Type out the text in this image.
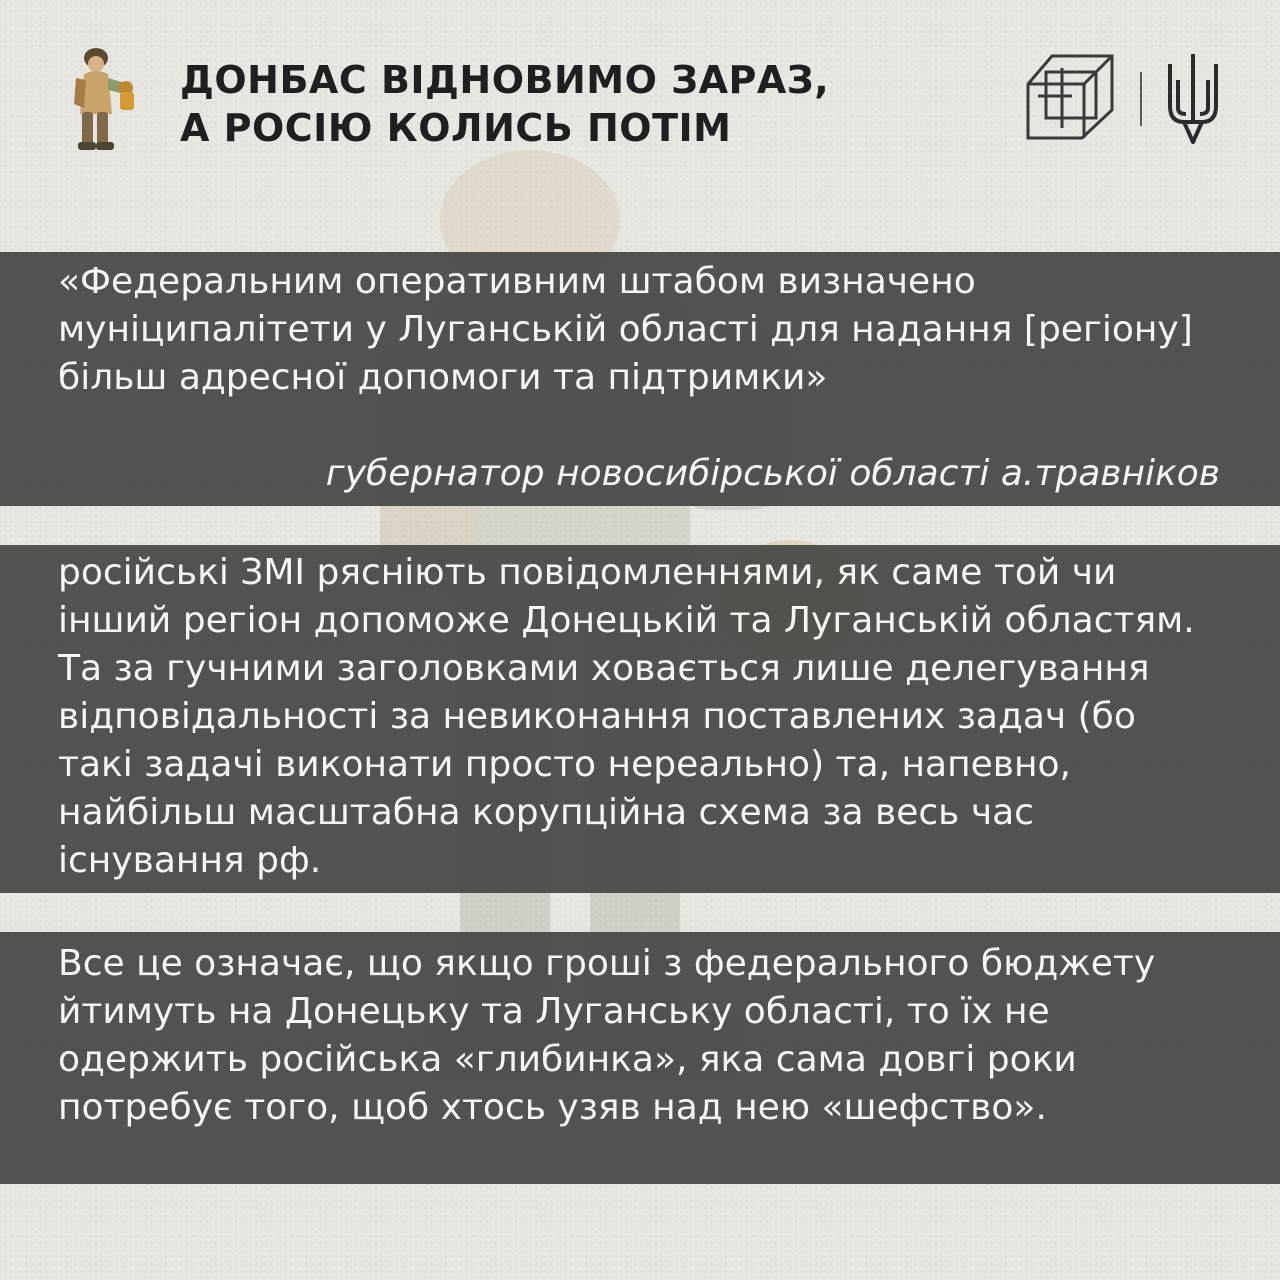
ДОНБАС ВІДНОВИМО ЗАРАЗ,
А РОСІЮ КОЛИСЬ ПОТІМ

«Федеральним оперативним штабом визначено муніципалітети у Луганській області для надання [регіону] більш адресної допомоги та підтримки»

губернатор новосибірської області а.травніков

російські ЗМІ рясніють повідомленнями, як саме той чи інший регіон допоможе Донецькій та Луганській областям. Та за гучними заголовками ховається лише делегування відповідальності за невиконання поставлених задач (бо такі задачі виконати просто нереально) та, напевно, найбільш масштабна корупційна схема за весь час існування рф.

Все це означає, що якщо гроші з федерального бюджету йтимуть на Донецьку та Луганську області, то їх не одержить російська «глибинка», яка сама довгі роки потребує того, щоб хтось узяв над нею «шефство».
